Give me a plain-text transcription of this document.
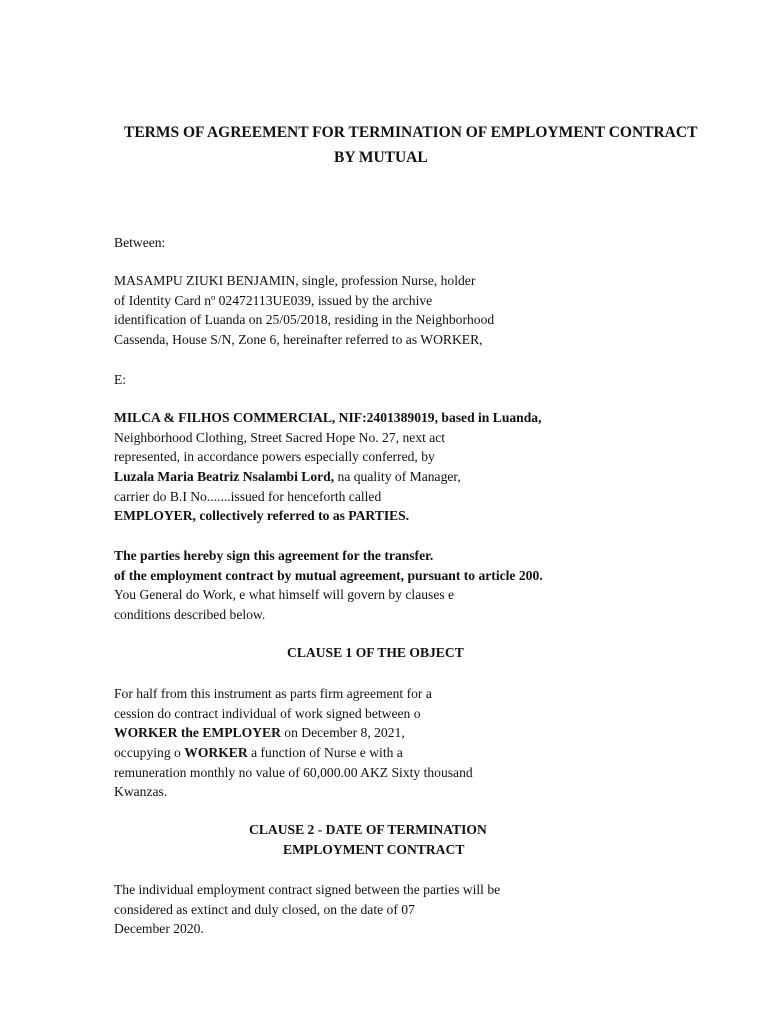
TERMS OF AGREEMENT FOR TERMINATION OF EMPLOYMENT CONTRACT
BY MUTUAL
Between:
MASAMPU ZIUKI BENJAMIN, single, profession Nurse, holder
of Identity Card nº 02472113UE039, issued by the archive
identification of Luanda on 25/05/2018, residing in the Neighborhood
Cassenda, House S/N, Zone 6, hereinafter referred to as WORKER,
E:
MILCA & FILHOS COMMERCIAL, NIF:2401389019, based in Luanda,
Neighborhood Clothing, Street Sacred Hope No. 27, next act
represented, in accordance powers especially conferred, by
Luzala Maria Beatriz Nsalambi Lord, na quality of Manager,
carrier do B.I No.......issued for henceforth called
EMPLOYER, collectively referred to as PARTIES.
The parties hereby sign this agreement for the transfer.
of the employment contract by mutual agreement, pursuant to article 200.
You General do Work, e what himself will govern by clauses e
conditions described below.
CLAUSE 1 OF THE OBJECT
For half from this instrument as parts firm agreement for a
cession do contract individual of work signed between o
WORKER the EMPLOYER on December 8, 2021,
occupying o WORKER a function of Nurse e with a
remuneration monthly no value of 60,000.00 AKZ Sixty thousand
Kwanzas.
CLAUSE 2 - DATE OF TERMINATION
EMPLOYMENT CONTRACT
The individual employment contract signed between the parties will be
considered as extinct and duly closed, on the date of 07
December 2020.
